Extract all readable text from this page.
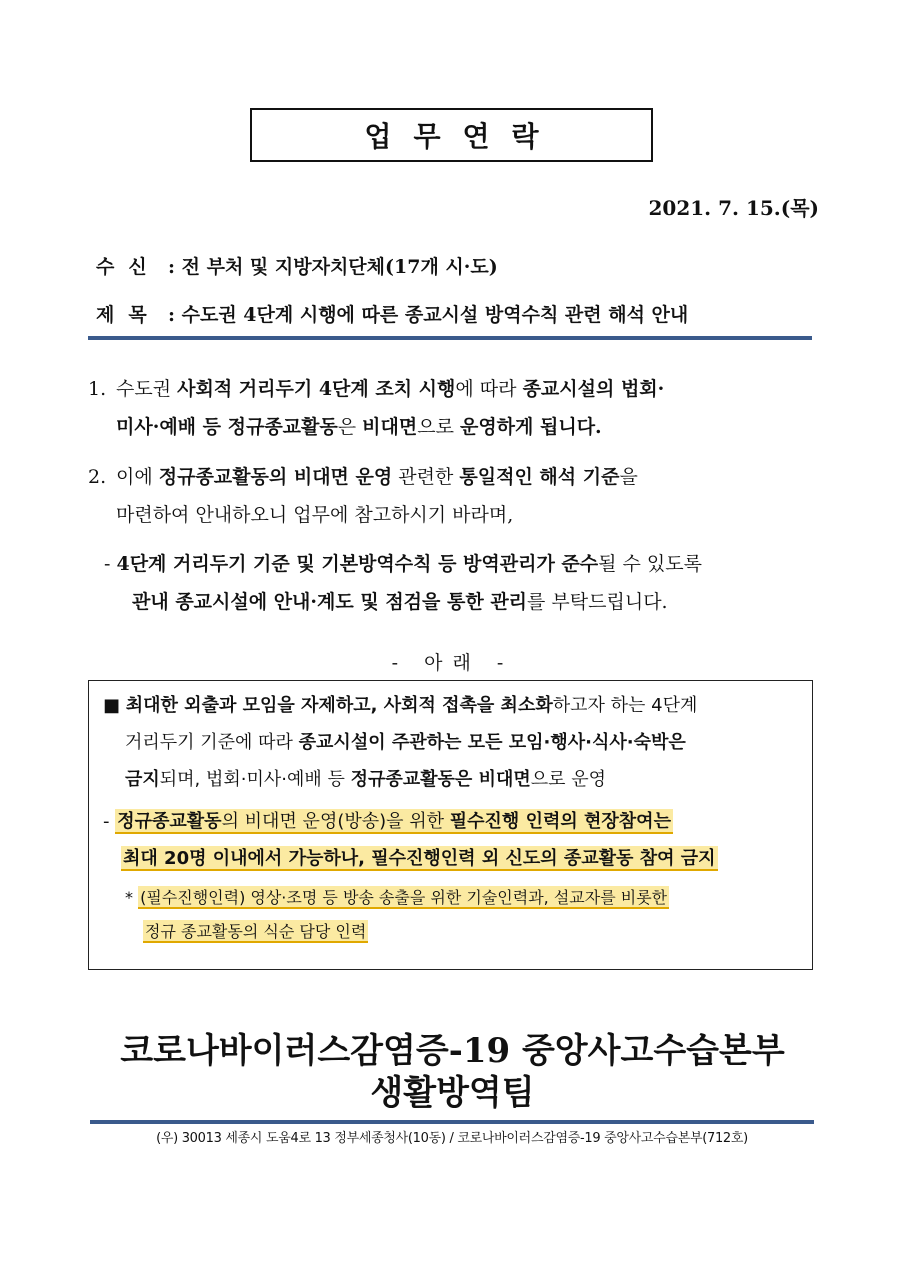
업무연락
2021. 7. 15.(목)
수신 : 전 부처 및 지방자치단체(17개 시·도)
제목 : 수도권 4단계 시행에 따른 종교시설 방역수칙 관련 해석 안내
1. 수도권 사회적 거리두기 4단계 조치 시행에 따라 종교시설의 법회·
미사·예배 등 정규종교활동은 비대면으로 운영하게 됩니다.
2. 이에 정규종교활동의 비대면 운영 관련한 통일적인 해석 기준을
마련하여 안내하오니 업무에 참고하시기 바라며,
- 4단계 거리두기 기준 및 기본방역수칙 등 방역관리가 준수될 수 있도록
관내 종교시설에 안내·계도 및 점검을 통한 관리를 부탁드립니다.
- 아래 -
■ 최대한 외출과 모임을 자제하고, 사회적 접촉을 최소화하고자 하는 4단계
거리두기 기준에 따라 종교시설이 주관하는 모든 모임·행사·식사·숙박은
금지되며, 법회·미사·예배 등 정규종교활동은 비대면으로 운영
- 정규종교활동의 비대면 운영(방송)을 위한 필수진행 인력의 현장참여는
최대 20명 이내에서 가능하나, 필수진행인력 외 신도의 종교활동 참여 금지
* (필수진행인력) 영상·조명 등 방송 송출을 위한 기술인력과, 설교자를 비롯한
정규 종교활동의 식순 담당 인력
코로나바이러스감염증-19 중앙사고수습본부
생활방역팀
(우) 30013 세종시 도움4로 13 정부세종청사(10동) / 코로나바이러스감염증-19 중앙사고수습본부(712호)
